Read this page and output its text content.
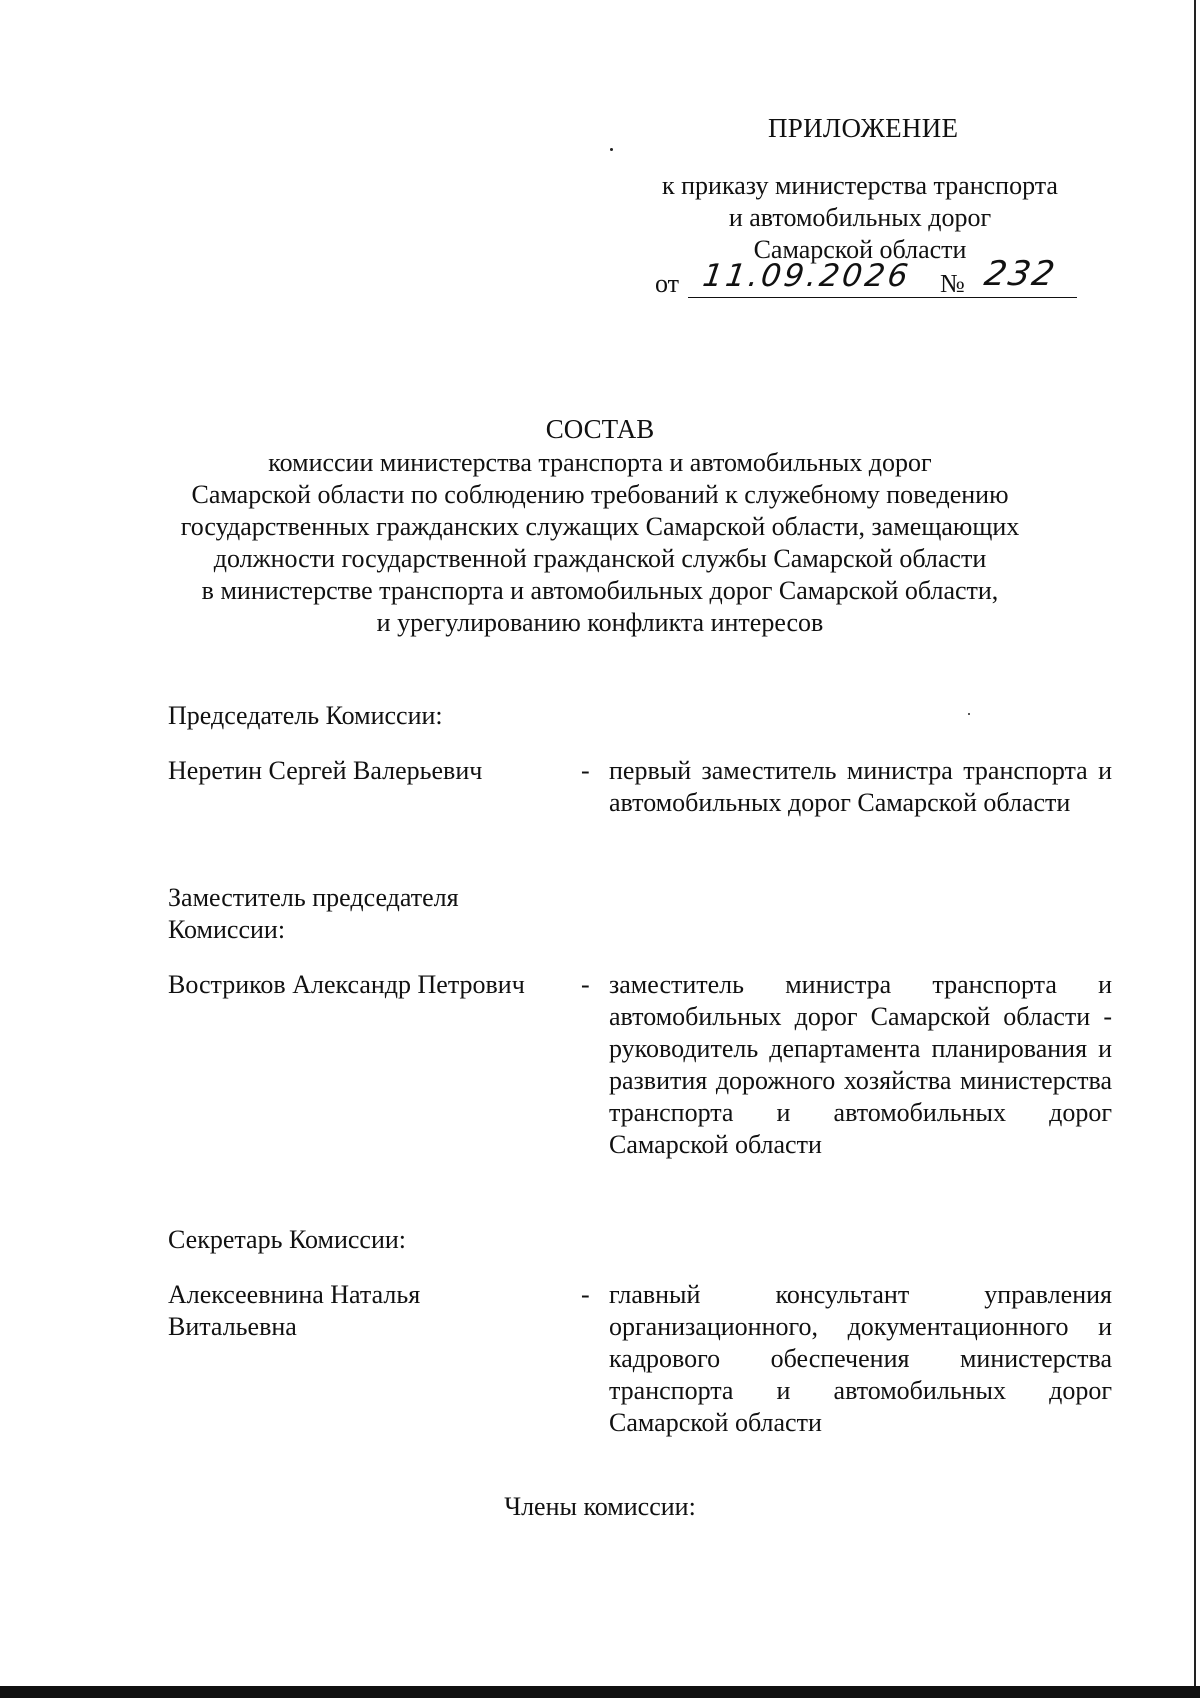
ПРИЛОЖЕНИЕ
к приказу министерства транспорта
и автомобильных дорог
Самарской области
от 11.09.2026 № 232
СОСТАВ
комиссии министерства транспорта и автомобильных дорог
Самарской области по соблюдению требований к служебному поведению
государственных гражданских служащих Самарской области, замещающих
должности государственной гражданской службы Самарской области
в министерстве транспорта и автомобильных дорог Самарской области,
и урегулированию конфликта интересов
Председатель Комиссии:
Неретин Сергей Валерьевич	- первый заместитель министра транспорта и автомобильных дорог Самарской области
Заместитель председателя Комиссии:
Востриков Александр Петрович	- заместитель министра транспорта и автомобильных дорог Самарской области - руководитель департамента планирования и развития дорожного хозяйства министерства транспорта и автомобильных дорог Самарской области
Секретарь Комиссии:
Алексеевнина Наталья Витальевна
- главный консультант управления организационного, документационного и кадрового обеспечения министерства транспорта и автомобильных дорог Самарской области
Члены комиссии:
